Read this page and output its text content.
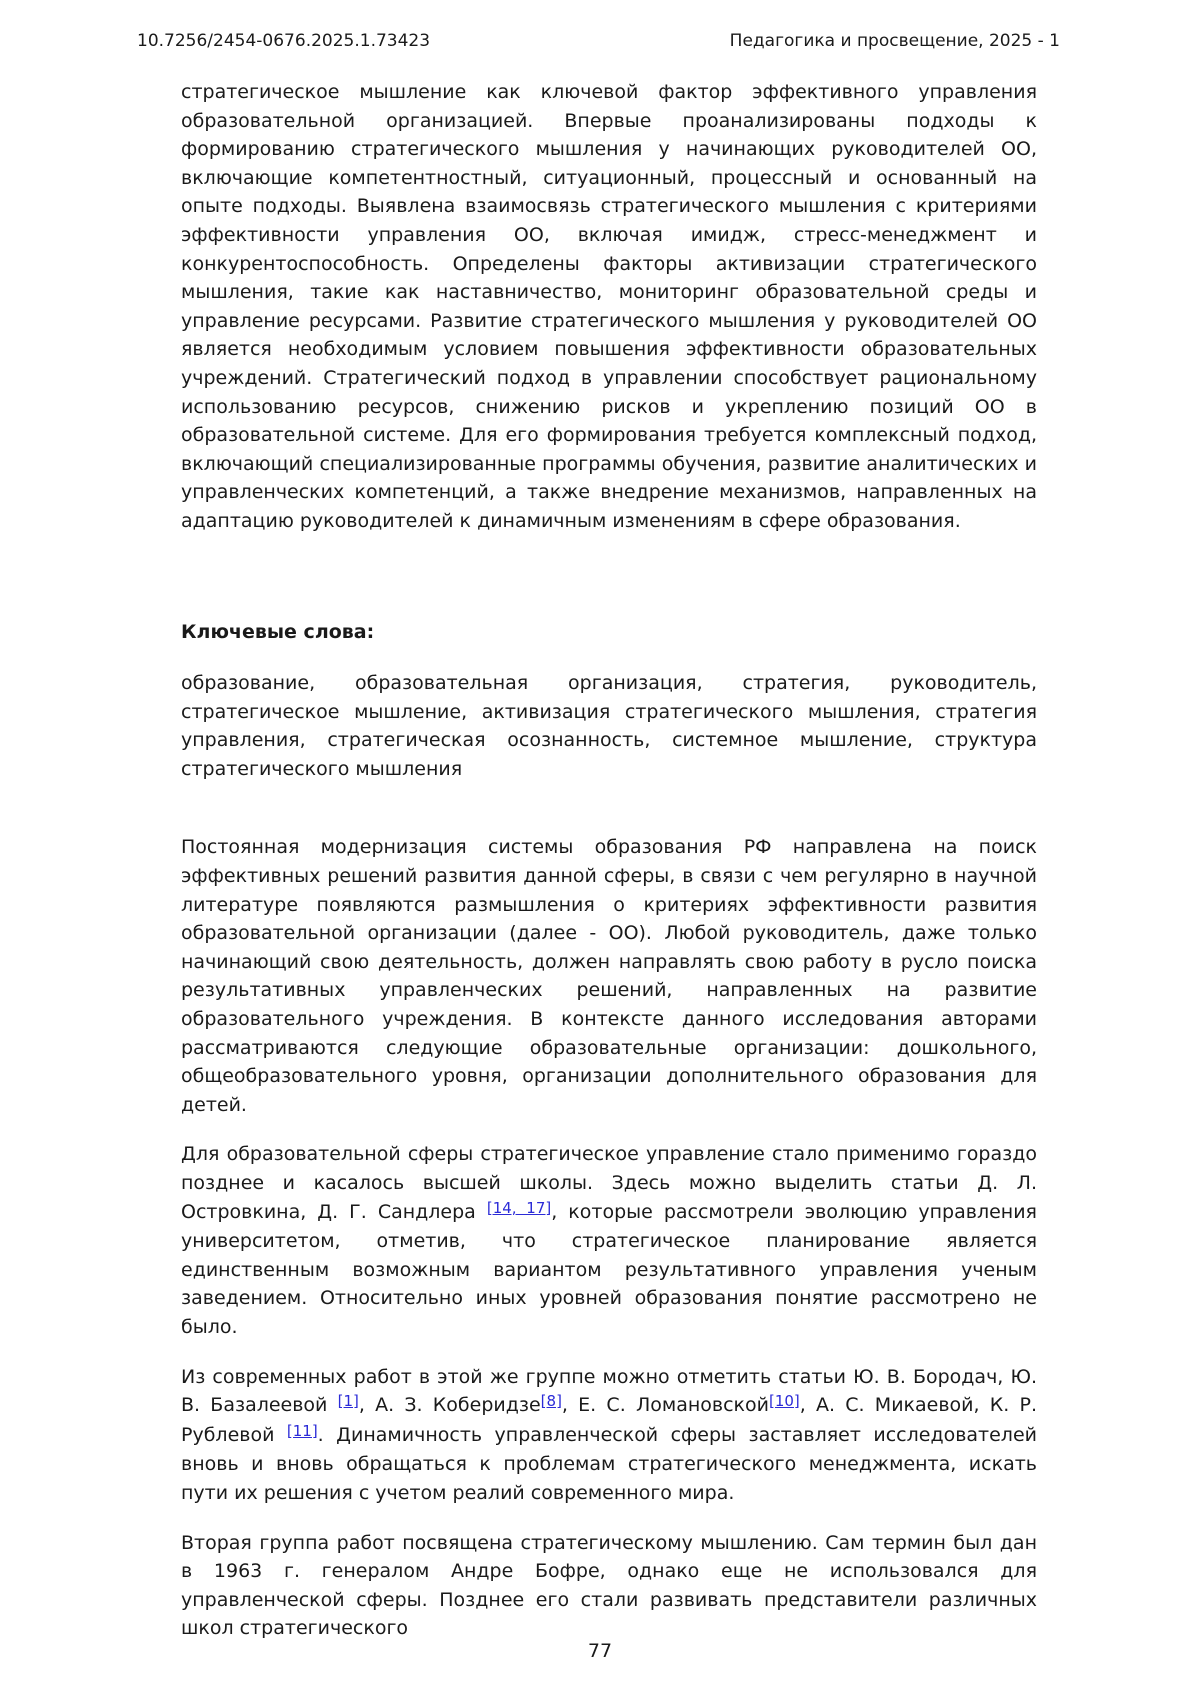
10.7256/2454-0676.2025.1.73423	Педагогика и просвещение, 2025 - 1

стратегическое мышление как ключевой фактор эффективного управления образовательной организацией. Впервые проанализированы подходы к формированию стратегического мышления у начинающих руководителей ОО, включающие компетентностный, ситуационный, процессный и основанный на опыте подходы. Выявлена взаимосвязь стратегического мышления с критериями эффективности управления ОО, включая имидж, стресс-менеджмент и конкурентоспособность. Определены факторы активизации стратегического мышления, такие как наставничество, мониторинг образовательной среды и управление ресурсами. Развитие стратегического мышления у руководителей ОО является необходимым условием повышения эффективности образовательных учреждений. Стратегический подход в управлении способствует рациональному использованию ресурсов, снижению рисков и укреплению позиций ОО в образовательной системе. Для его формирования требуется комплексный подход, включающий специализированные программы обучения, развитие аналитических и управленческих компетенций, а также внедрение механизмов, направленных на адаптацию руководителей к динамичным изменениям в сфере образования.

Ключевые слова:

образование, образовательная организация, стратегия, руководитель, стратегическое мышление, активизация стратегического мышления, стратегия управления, стратегическая осознанность, системное мышление, структура стратегического мышления

Постоянная модернизация системы образования РФ направлена на поиск эффективных решений развития данной сферы, в связи с чем регулярно в научной литературе появляются размышления о критериях эффективности развития образовательной организации (далее - ОО). Любой руководитель, даже только начинающий свою деятельность, должен направлять свою работу в русло поиска результативных управленческих решений, направленных на развитие образовательного учреждения. В контексте данного исследования авторами рассматриваются следующие образовательные организации: дошкольного, общеобразовательного уровня, организации дополнительного образования для детей.

Для образовательной сферы стратегическое управление стало применимо гораздо позднее и касалось высшей школы. Здесь можно выделить статьи Д. Л. Островкина, Д. Г. Сандлера [14, 17], которые рассмотрели эволюцию управления университетом, отметив, что стратегическое планирование является единственным возможным вариантом результативного управления ученым заведением. Относительно иных уровней образования понятие рассмотрено не было.

Из современных работ в этой же группе можно отметить статьи Ю. В. Бородач, Ю. В. Базалеевой [1], А. З. Коберидзе[8], Е. С. Ломановской[10], А. С. Микаевой, К. Р. Рублевой [11]. Динамичность управленческой сферы заставляет исследователей вновь и вновь обращаться к проблемам стратегического менеджмента, искать пути их решения с учетом реалий современного мира.

Вторая группа работ посвящена стратегическому мышлению. Сам термин был дан в 1963 г. генералом Андре Бофре, однако еще не использовался для управленческой сферы. Позднее его стали развивать представители различных школ стратегического

77
